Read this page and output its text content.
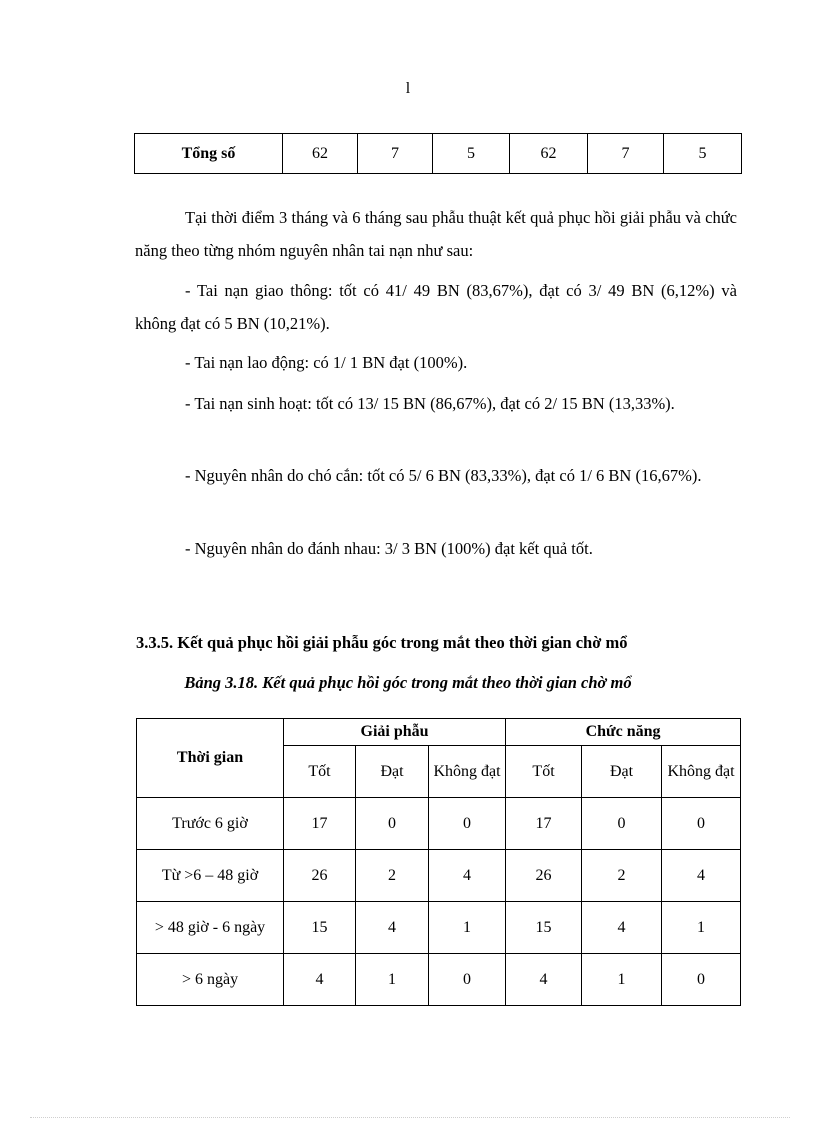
l
Tổng số	62	7	5	62	7	5

Tại thời điểm 3 tháng và 6 tháng sau phẫu thuật kết quả phục hồi giải phẫu và chức năng theo từng nhóm nguyên nhân tai nạn như sau:

- Tai nạn giao thông: tốt có 41/ 49 BN (83,67%), đạt có 3/ 49 BN (6,12%) và không đạt có 5 BN (10,21%).

- Tai nạn lao động: có 1/ 1 BN đạt (100%).

- Tai nạn sinh hoạt: tốt có 13/ 15 BN (86,67%), đạt có 2/ 15 BN (13,33%).

- Nguyên nhân do chó cắn: tốt có 5/ 6 BN (83,33%), đạt có 1/ 6 BN (16,67%).

- Nguyên nhân do đánh nhau: 3/ 3 BN (100%) đạt kết quả tốt.

3.3.5. Kết quả phục hồi giải phẫu góc trong mắt theo thời gian chờ mổ

Bảng 3.18. Kết quả phục hồi góc trong mắt theo thời gian chờ mổ

Thời gian	Giải phẫu			Chức năng		
	Tốt	Đạt	Không đạt	Tốt	Đạt	Không đạt
Trước 6 giờ	17	0	0	17	0	0
Từ >6 – 48 giờ	26	2	4	26	2	4
> 48 giờ - 6 ngày	15	4	1	15	4	1
> 6 ngày	4	1	0	4	1	0
